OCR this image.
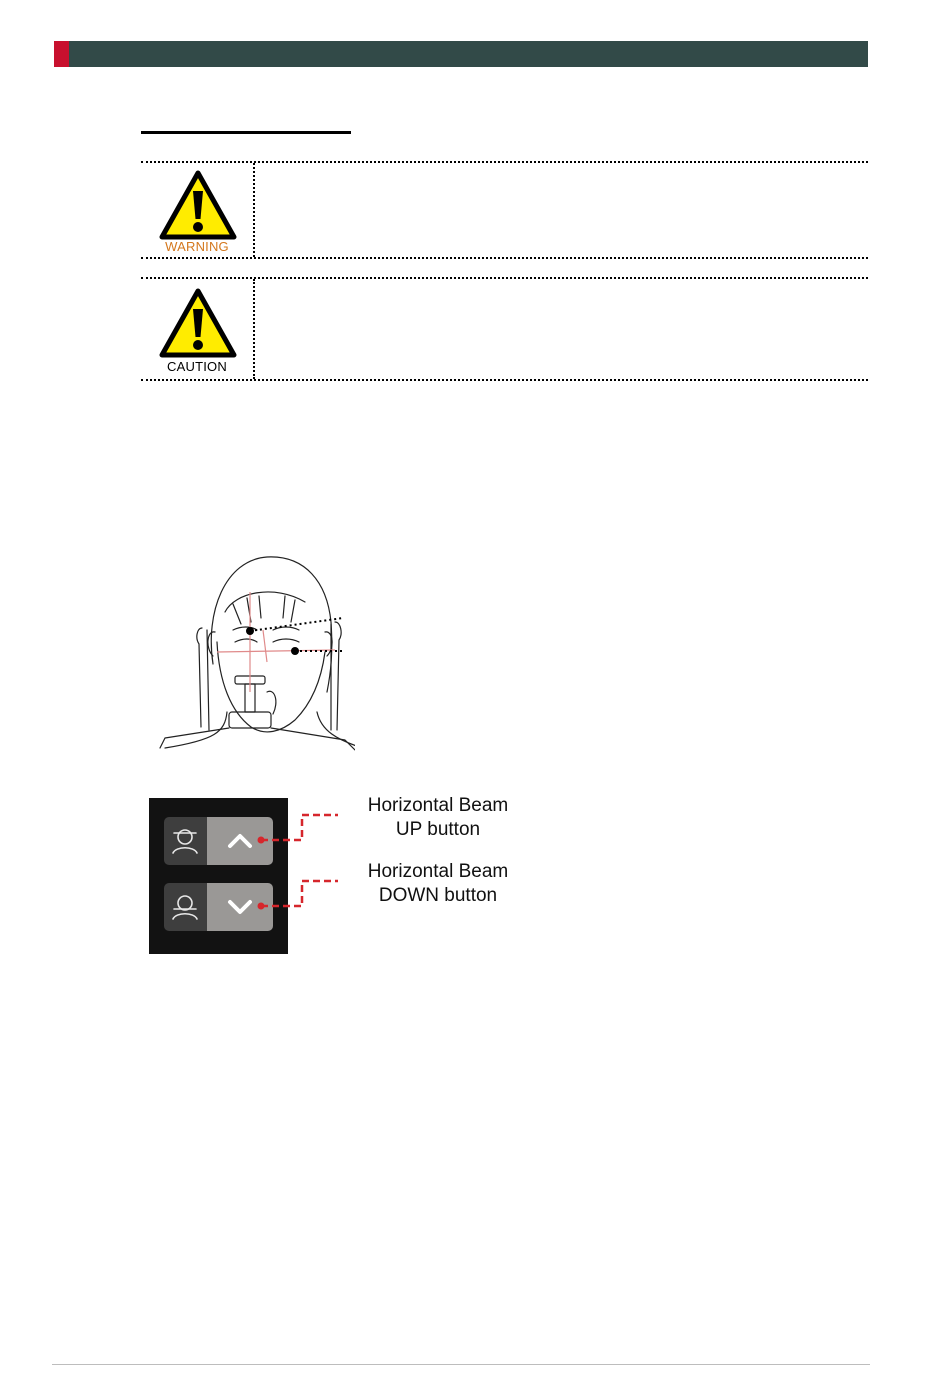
WARNING
CAUTION
Horizontal Beam
UP button
Horizontal Beam
DOWN button
